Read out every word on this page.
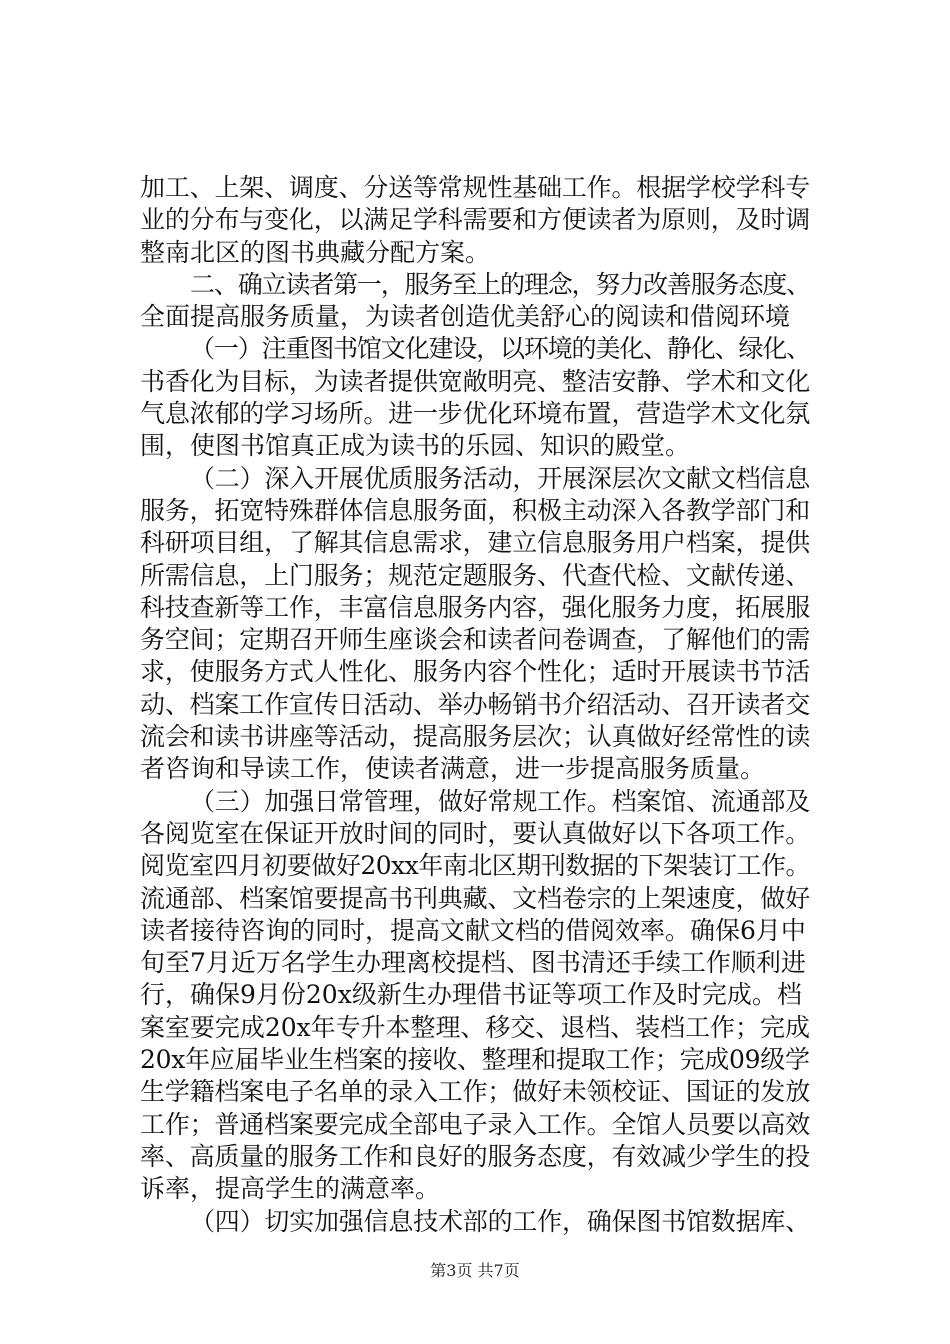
加工、上架、调度、分送等常规性基础工作。根据学校学科专
业的分布与变化，以满足学科需要和方便读者为原则，及时调
整南北区的图书典藏分配方案。
二、确立读者第一，服务至上的理念，努力改善服务态度、
全面提高服务质量，为读者创造优美舒心的阅读和借阅环境
（一）注重图书馆文化建设，以环境的美化、静化、绿化、
书香化为目标，为读者提供宽敞明亮、整洁安静、学术和文化
气息浓郁的学习场所。进一步优化环境布置，营造学术文化氛
围，使图书馆真正成为读书的乐园、知识的殿堂。
（二）深入开展优质服务活动，开展深层次文献文档信息
服务，拓宽特殊群体信息服务面，积极主动深入各教学部门和
科研项目组，了解其信息需求，建立信息服务用户档案，提供
所需信息，上门服务；规范定题服务、代查代检、文献传递、
科技查新等工作，丰富信息服务内容，强化服务力度，拓展服
务空间；定期召开师生座谈会和读者问卷调查，了解他们的需
求，使服务方式人性化、服务内容个性化；适时开展读书节活
动、档案工作宣传日活动、举办畅销书介绍活动、召开读者交
流会和读书讲座等活动，提高服务层次；认真做好经常性的读
者咨询和导读工作，使读者满意，进一步提高服务质量。
（三）加强日常管理，做好常规工作。档案馆、流通部及
各阅览室在保证开放时间的同时，要认真做好以下各项工作。
阅览室四月初要做好20xx年南北区期刊数据的下架装订工作。
流通部、档案馆要提高书刊典藏、文档卷宗的上架速度，做好
读者接待咨询的同时，提高文献文档的借阅效率。确保6月中
旬至7月近万名学生办理离校提档、图书清还手续工作顺利进
行，确保9月份20x级新生办理借书证等项工作及时完成。档
案室要完成20x年专升本整理、移交、退档、装档工作；完成
20x年应届毕业生档案的接收、整理和提取工作；完成09级学
生学籍档案电子名单的录入工作；做好未领校证、国证的发放
工作；普通档案要完成全部电子录入工作。全馆人员要以高效
率、高质量的服务工作和良好的服务态度，有效减少学生的投
诉率，提高学生的满意率。
（四）切实加强信息技术部的工作，确保图书馆数据库、
第3页 共7页
